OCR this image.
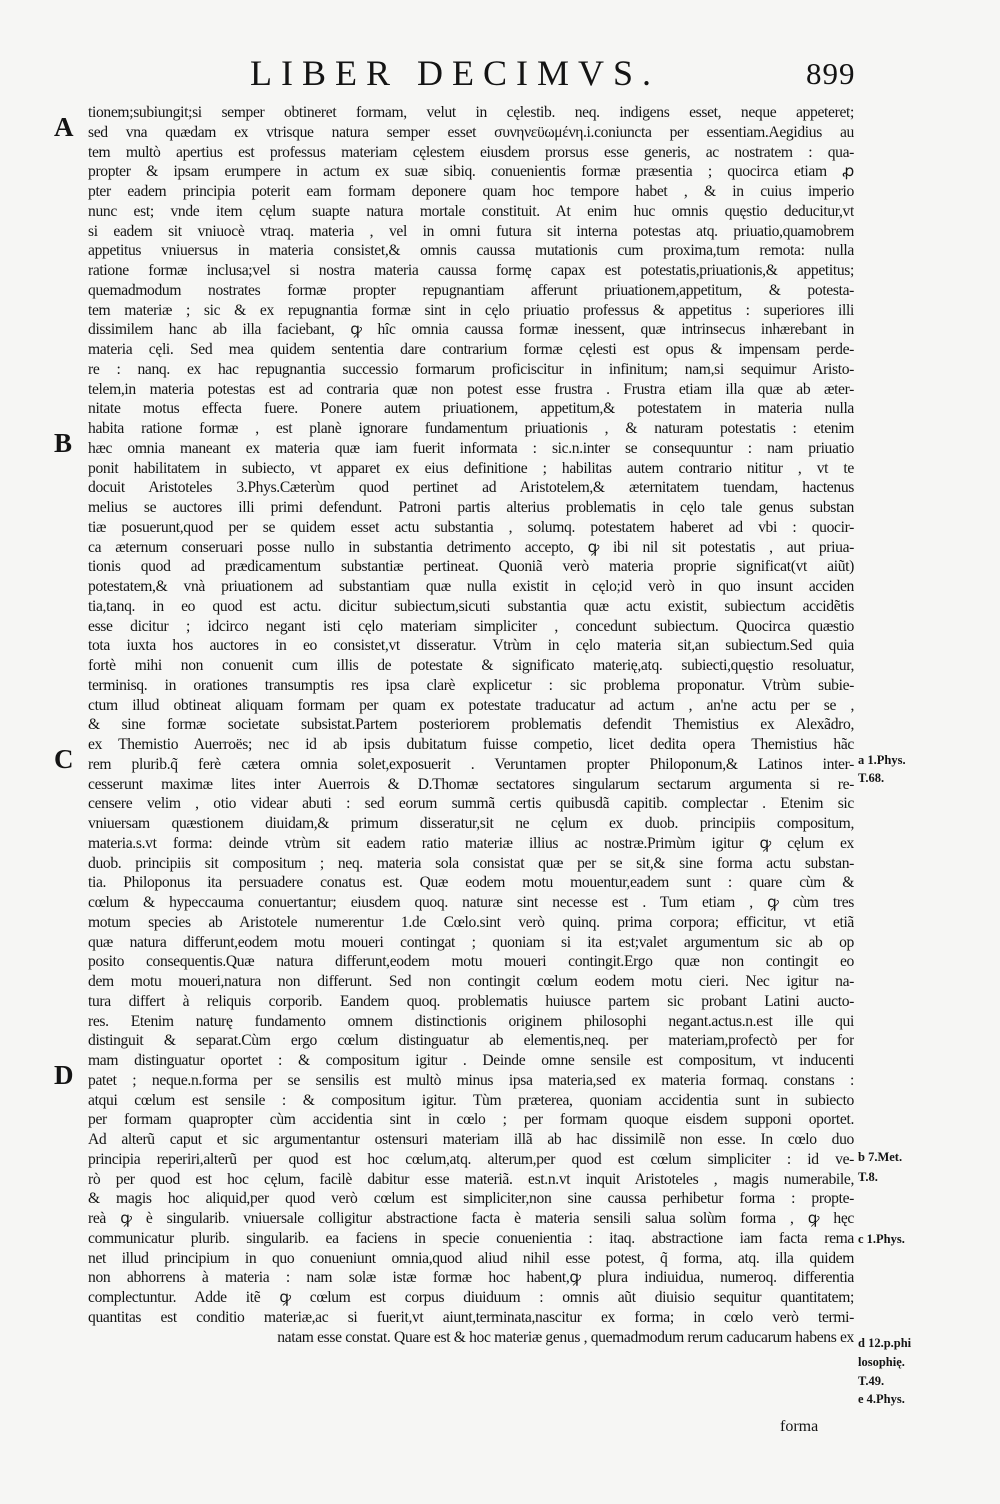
LIBER DECIMVS.	899
A
B
C
D
tionem;subiungit;si semper obtineret formam, velut in cęlestib. neq. indigens esset, neque appeteret;
sed vna quædam ex vtrisque natura semper esset συνηνεϋωμένη.i.coniuncta per essentiam.Aegidius au
tem multò apertius est professus materiam cęlestem eiusdem prorsus esse generis, ac nostratem : qua-
propter & ipsam erumpere in actum ex suæ sibiq. conuenientis formæ præsentia ; quocirca etiam ꝓ
pter eadem principia poterit eam formam deponere quam hoc tempore habet , & in cuius imperio
nunc est; vnde item cęlum suapte natura mortale constituit. At enim huc omnis quęstio deducitur,vt
si eadem sit vniuocè vtraq. materia , vel in omni futura sit interna potestas atq. priuatio,quamobrem
appetitus vniuersus in materia consistet,& omnis caussa mutationis cum proxima,tum remota: nulla
ratione formæ inclusa;vel si nostra materia caussa formę capax est potestatis,priuationis,& appetitus;
quemadmodum nostrates formæ propter repugnantiam afferunt priuationem,appetitum, & potesta-
tem materiæ ; sic & ex repugnantia formæ sint in cęlo priuatio professus & appetitus : superiores illi
dissimilem hanc ab illa faciebant, ꝙ hîc omnia caussa formæ inessent, quæ intrinsecus inhærebant in
materia cęli. Sed mea quidem sententia dare contrarium formæ cęlesti est opus & impensam perde-
re : nanq. ex hac repugnantia successio formarum proficiscitur in infinitum; nam,si sequimur Aristo-
telem,in materia potestas est ad contraria quæ non potest esse frustra . Frustra etiam illa quæ ab æter-
nitate motus effecta fuere. Ponere autem priuationem, appetitum,& potestatem in materia nulla
habita ratione formæ , est planè ignorare fundamentum priuationis , & naturam potestatis : etenim
hæc omnia maneant ex materia quæ iam fuerit informata : sic.n.inter se consequuntur : nam priuatio
ponit habilitatem in subiecto, vt apparet ex eius definitione ; habilitas autem contrario nititur , vt te
docuit Aristoteles 3.Phys.Cæterùm quod pertinet ad Aristotelem,& æternitatem tuendam, hactenus
melius se auctores illi primi defendunt. Patroni partis alterius problematis in cęlo tale genus substan
tiæ posuerunt,quod per se quidem esset actu substantia , solumq. potestatem haberet ad vbi : quocir-
ca æternum conseruari posse nullo in substantia detrimento accepto, ꝙ ibi nil sit potestatis , aut priua-
tionis quod ad prædicamentum substantiæ pertineat. Quoniã verò materia proprie significat(vt aiũt)
potestatem,& vnà priuationem ad substantiam quæ nulla existit in cęlo;id verò in quo insunt acciden
tia,tanq. in eo quod est actu. dicitur subiectum,sicuti substantia quæ actu existit, subiectum accidẽtis
esse dicitur ; idcirco negant isti cęlo materiam simpliciter , concedunt subiectum. Quocirca quæstio
tota iuxta hos auctores in eo consistet,vt disseratur. Vtrùm in cęlo materia sit,an subiectum.Sed quia
fortè mihi non conuenit cum illis de potestate & significato materię,atq. subiecti,quęstio resoluatur,
terminisq. in orationes transumptis res ipsa clarè explicetur : sic problema proponatur. Vtrùm subie-
ctum illud obtineat aliquam formam per quam ex potestate traducatur ad actum , an'ne actu per se ,
& sine formæ societate subsistat.Partem posteriorem problematis defendit Themistius ex Alexãdro,
ex Themistio Auerroës; nec id ab ipsis dubitatum fuisse competio, licet dedita opera Themistius hãc
rem plurib.q̃ ferè cætera omnia solet,exposuerit . Veruntamen propter Philoponum,& Latinos inter-
cesserunt maximæ lites inter Auerrois & D.Thomæ sectatores singularum sectarum argumenta si re-
censere velim , otio videar abuti : sed eorum summã certis quibusdã capitib. complectar . Etenim sic
vniuersam quæstionem diuidam,& primum disseratur,sit ne cęlum ex duob. principiis compositum,
materia.s.vt forma: deinde vtrùm sit eadem ratio materiæ illius ac nostræ.Primùm igitur ꝙ cęlum ex
duob. principiis sit compositum ; neq. materia sola consistat quæ per se sit,& sine forma actu substan-
tia. Philoponus ita persuadere conatus est. Quæ eodem motu mouentur,eadem sunt : quare cùm &
cœlum & hypeccauma conuertantur; eiusdem quoq. naturæ sint necesse est . Tum etiam , ꝙ cùm tres
motum species ab Aristotele numerentur 1.de Cœlo.sint verò quinq. prima corpora; efficitur, vt etiã
quæ natura differunt,eodem motu moueri contingat ; quoniam si ita est;valet argumentum sic ab op
posito consequentis.Quæ natura differunt,eodem motu moueri contingit.Ergo quæ non contingit eo
dem motu moueri,natura non differunt. Sed non contingit cœlum eodem motu cieri. Nec igitur na-
tura differt à reliquis corporib. Eandem quoq. problematis huiusce partem sic probant Latini aucto-
res. Etenim naturę fundamento omnem distinctionis originem philosophi negant.actus.n.est ille qui
distinguit & separat.Cùm ergo cœlum distinguatur ab elementis,neq. per materiam,profectò per for
mam distinguatur oportet : & compositum igitur . Deinde omne sensile est compositum, vt inducenti
patet ; neque.n.forma per se sensilis est multò minus ipsa materia,sed ex materia formaq. constans :
atqui cœlum est sensile : & compositum igitur. Tùm præterea, quoniam accidentia sunt in subiecto
per formam quapropter cùm accidentia sint in cœlo ; per formam quoque eisdem supponi oportet.
Ad alterũ caput et sic argumentantur ostensuri materiam illã ab hac dissimilẽ non esse. In cœlo duo
principia reperiri,alterũ per quod est hoc cœlum,atq. alterum,per quod est cœlum simpliciter : id ve-
rò per quod est hoc cęlum, facilè dabitur esse materiã. est.n.vt inquit Aristoteles , magis numerabile,
& magis hoc aliquid,per quod verò cœlum est simpliciter,non sine caussa perhibetur forma : propte-
reà ꝙ è singularib. vniuersale colligitur abstractione facta è materia sensili salua solùm forma , ꝙ hęc
communicatur plurib. singularib. ea faciens in specie conuenientia : itaq. abstractione iam facta rema
net illud principium in quo conueniunt omnia,quod aliud nihil esse potest, q̃ forma, atq. illa quidem
non abhorrens à materia : nam solæ istæ formæ hoc habent,ꝙ plura indiuidua, numeroq. differentia
complectuntur. Adde itẽ ꝙ cœlum est corpus diuiduum : omnis aũt diuisio sequitur quantitatem;
quantitas est conditio materiæ,ac si fuerit,vt aiunt,terminata,nascitur ex forma; in cœlo verò termi-
natam esse constat. Quare est & hoc materiæ genus , quemadmodum rerum caducarum habens ex
a 1.Phys.
T.68.
b 7.Met.
T.8.
c 1.Phys.
d 12.p.phi
losophię.
T.49.
e 4.Phys.
forma
